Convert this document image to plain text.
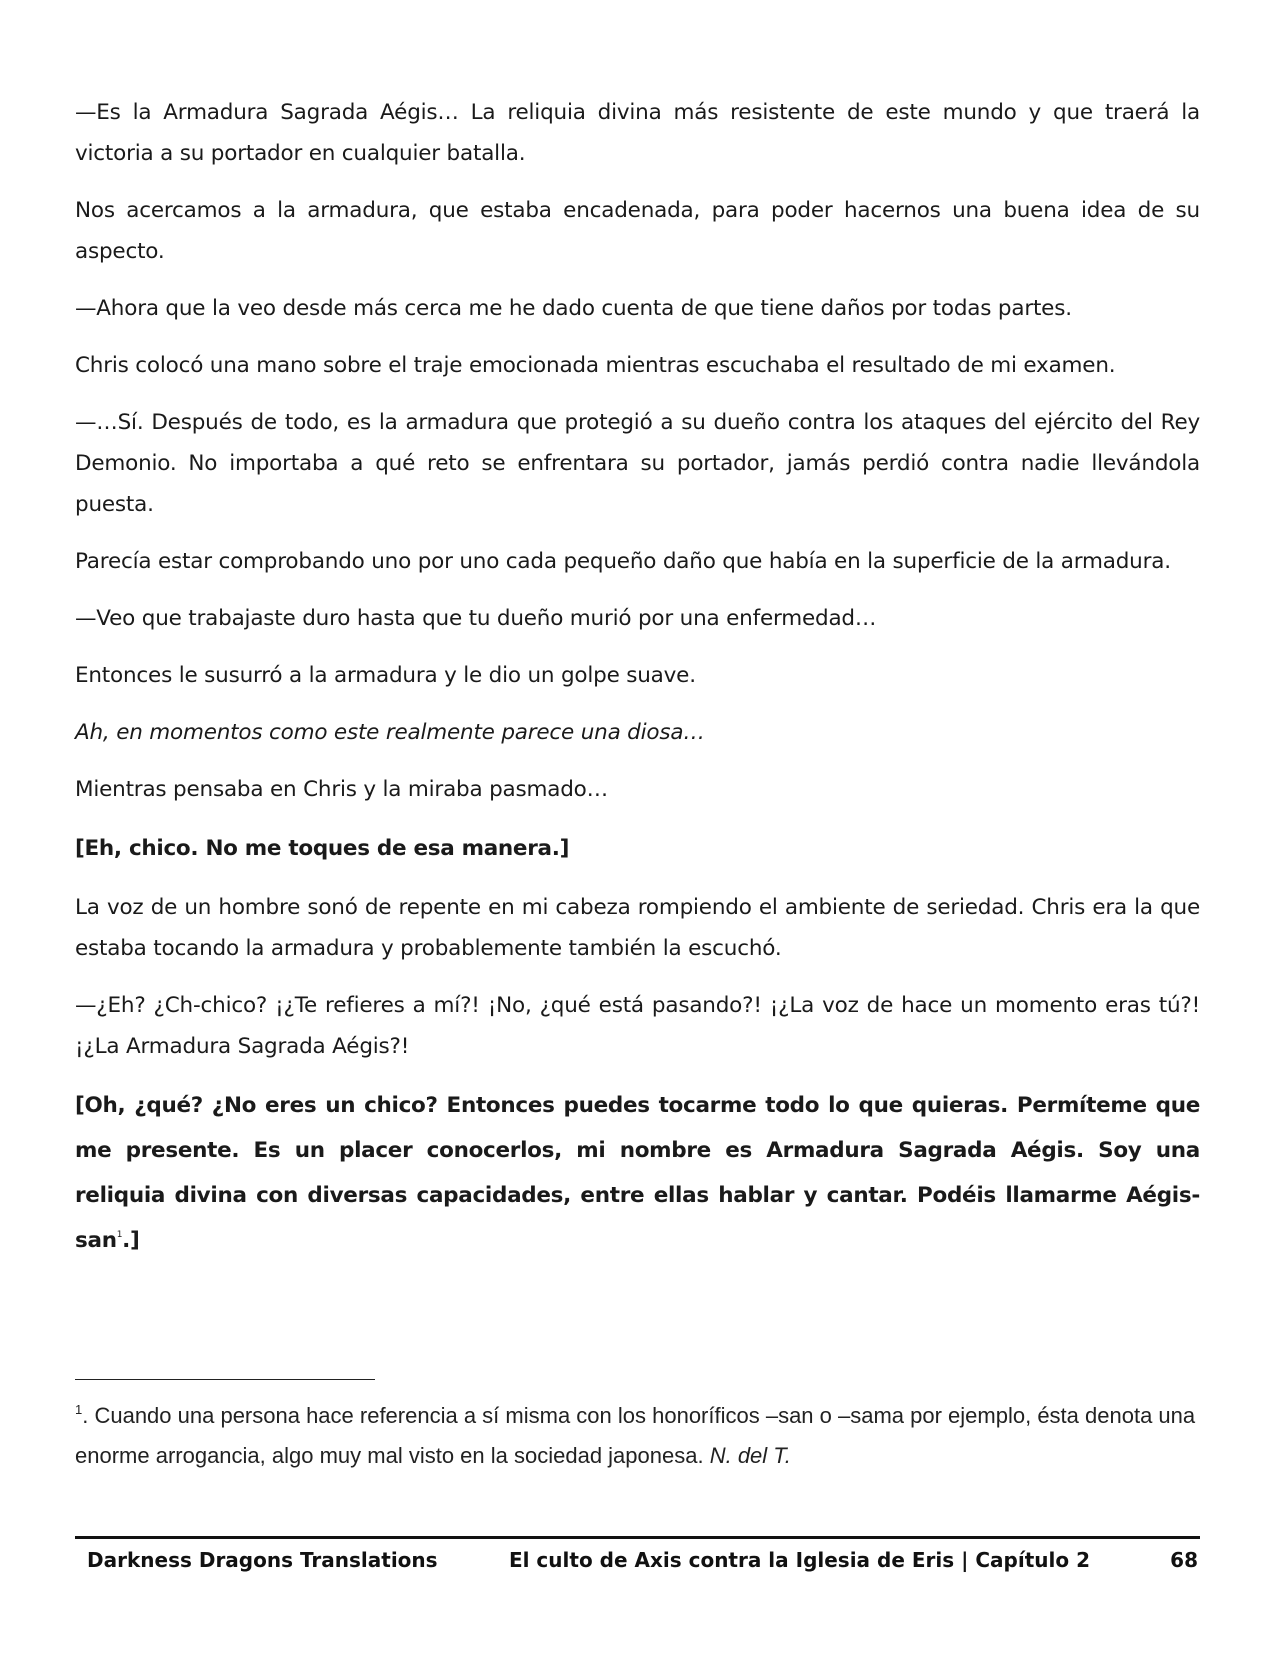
—Es la Armadura Sagrada Aégis… La reliquia divina más resistente de este mundo y que traerá la victoria a su portador en cualquier batalla.

Nos acercamos a la armadura, que estaba encadenada, para poder hacernos una buena idea de su aspecto.

—Ahora que la veo desde más cerca me he dado cuenta de que tiene daños por todas partes.

Chris colocó una mano sobre el traje emocionada mientras escuchaba el resultado de mi examen.

—…Sí. Después de todo, es la armadura que protegió a su dueño contra los ataques del ejército del Rey Demonio. No importaba a qué reto se enfrentara su portador, jamás perdió contra nadie llevándola puesta.

Parecía estar comprobando uno por uno cada pequeño daño que había en la superficie de la armadura.

—Veo que trabajaste duro hasta que tu dueño murió por una enfermedad…

Entonces le susurró a la armadura y le dio un golpe suave.

Ah, en momentos como este realmente parece una diosa…

Mientras pensaba en Chris y la miraba pasmado…

[Eh, chico. No me toques de esa manera.]

La voz de un hombre sonó de repente en mi cabeza rompiendo el ambiente de seriedad. Chris era la que estaba tocando la armadura y probablemente también la escuchó.

—¿Eh? ¿Ch-chico? ¡¿Te refieres a mí?! ¡No, ¿qué está pasando?! ¡¿La voz de hace un momento eras tú?! ¡¿La Armadura Sagrada Aégis?!

[Oh, ¿qué? ¿No eres un chico? Entonces puedes tocarme todo lo que quieras. Permíteme que me presente. Es un placer conocerlos, mi nombre es Armadura Sagrada Aégis. Soy una reliquia divina con diversas capacidades, entre ellas hablar y cantar. Podéis llamarme Aégis-san$^1$.]

$^1$. Cuando una persona hace referencia a sí misma con los honoríficos –san o –sama por ejemplo, ésta denota una enorme arrogancia, algo muy mal visto en la sociedad japonesa. N. del T.
Darkness Dragons Translations	El culto de Axis contra la Iglesia de Eris | Capítulo 2	68
